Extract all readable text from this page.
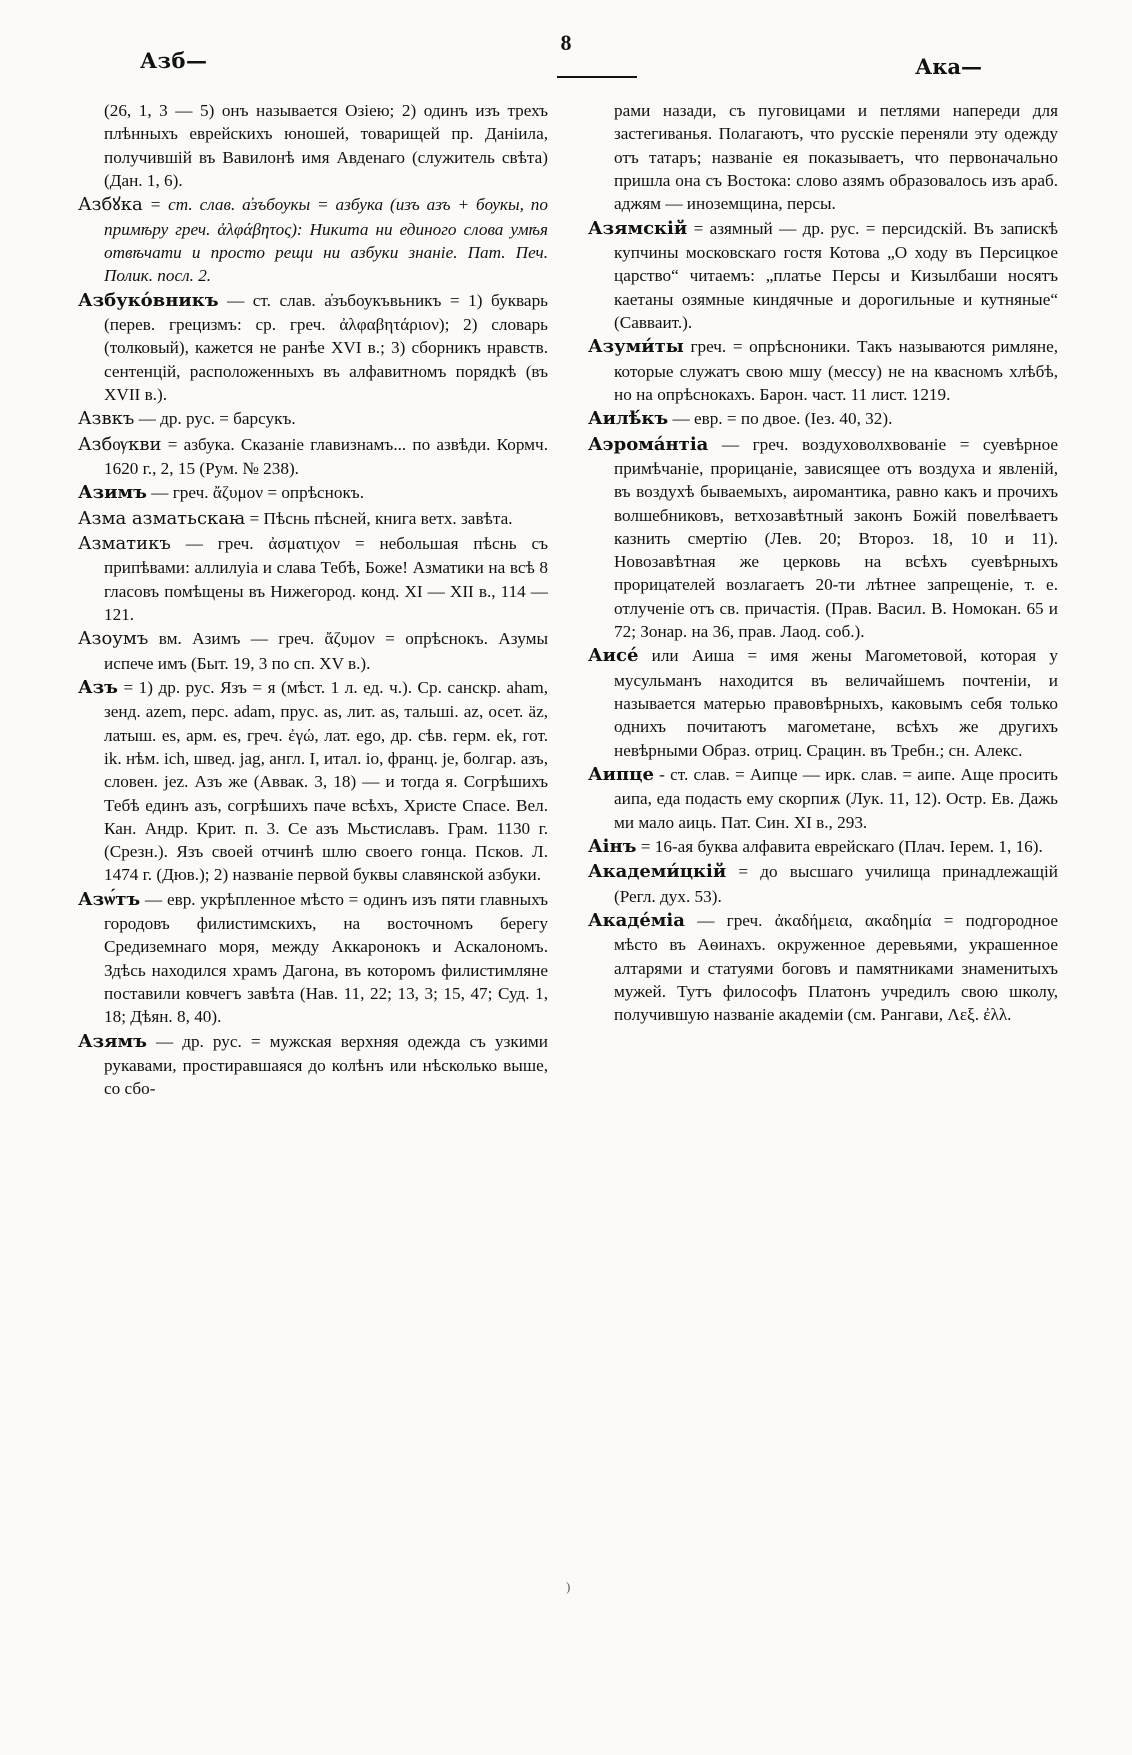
Азб—
8
Ака—

(26, 1, 3 — 5) онъ называется Озіею; 2) одинъ изъ трехъ плѣнныхъ еврейскихъ юношей, товарищей пр. Даніила, получившій въ Вавилонѣ имя Авденаго (служитель свѣта) (Дан. 1, 6).

Азбꙋка = ст. слав. а҆зъбоукы = азбука (изъ азъ + бѹкы, по примѣру греч. ἀλφάβητος): Никита ни единого слова умѣя отвѣчати и просто рещи ни азбуки знаніе. Пат. Печ. Полик. посл. 2.

Азбукόвникъ — ст. слав. а҆зъбоукъвьникъ = 1) букварь (перев. грецизмъ: ср. греч. ἀλφαβητάριον); 2) словарь (толковый), кажется не ранѣе XVI в.; 3) сборникъ нравств. сентенцій, расположенныхъ въ алфавитномъ порядкѣ (въ XVII в.).

Азвкъ — др. рус. = барсукъ.

Азбѹкви = азбука. Сказаніе главизнамъ... по азвѣди. Кормч. 1620 г., 2, 15 (Рум. № 238).

Азимъ — греч. ἄζυμον = опрѣснокъ.

Азма азматьскаꙗ = Пѣснь пѣсней, книга ветх. завѣта.

Азматикъ — греч. ἀσματιχον = небольшая пѣснь съ припѣвами: аллилуіа и слава Тебѣ, Боже! Азматики на всѣ 8 гласовъ помѣщены въ Нижегород. конд. XI — XII в., 114 — 121.

Азоумъ вм. Азимъ — греч. ἄζυμον = опрѣснокъ. Азумы испече имъ (Быт. 19, 3 по сп. XV в.).

Азъ = 1) др. рус. Язъ = я (мѣст. 1 л. ед. ч.). Ср. санскр. aham, зенд. azem, перс. adam, прус. as, лит. as, тальші. az, осет. äz, латыш. es, арм. es, греч. ἐγώ, лат. ego, др. сѣв. герм. ek, гот. ik. нѣм. ich, швед. jag, англ. I, итал. io, франц. je, болгар. азъ, словен. jez. Азъ же (Аввак. 3, 18) — и тогда я. Согрѣшихъ Тебѣ единъ азъ, согрѣшихъ паче всѣхъ, Христе Спасе. Вел. Кан. Андр. Крит. п. 3. Се азъ Мьстиславъ. Грам. 1130 г. (Срезн.). Язъ своей отчинѣ шлю своего гонца. Псков. Л. 1474 г. (Дюв.); 2) названіе первой буквы славянской азбуки.

Азѡ́тъ — евр. укрѣпленное мѣсто = одинъ изъ пяти главныхъ городовъ филистимскихъ, на восточномъ берегу Средиземнаго моря, между Аккаронокъ и Аскалономъ. Здѣсь находился храмъ Дагона, въ которомъ филистимляне поставили ковчегъ завѣта (Нав. 11, 22; 13, 3; 15, 47; Суд. 1, 18; Дѣян. 8, 40).

Азямъ — др. рус. = мужская верхняя одежда съ узкими рукавами, простиравшаяся до колѣнъ или нѣсколько выше, со сбо-

рами назади, съ пуговицами и петлями напереди для застегиванья. Полагаютъ, что русскіе переняли эту одежду отъ татаръ; названіе ея показываетъ, что первоначально пришла она съ Востока: слово азямъ образовалось изъ араб. аджям — иноземщина, персы.

Азямскій = азямный — др. рус. = персидскій. Въ запискѣ купчины московскаго гостя Котова „О ходу въ Персицкое царство“ читаемъ: „платье Персы и Кизылбаши носятъ каетаны озямные киндячные и дорогильные и кутняные“ (Савваит.).

Азуми́ты греч. = опрѣсноники. Такъ называются римляне, которые служатъ свою мшу (мессу) не на квасномъ хлѣбѣ, но на опрѣснокахъ. Барон. част. 11 лист. 1219.

Аилѣ́къ — евр. = по двое. (Іез. 40, 32).

Аэромáнтіа — греч. воздуховолхвованіе = суевѣрное примѣчаніе, прорицаніе, зависящее отъ воздуха и явленій, въ воздухѣ бываемыхъ, аиромантика, равно какъ и прочихъ волшебниковъ, ветхозавѣтный законъ Божій повелѣваетъ казнить смертію (Лев. 20; Второз. 18, 10 и 11). Новозавѣтная же церковь на всѣхъ суевѣрныхъ прорицателей возлагаетъ 20-ти лѣтнее запрещеніе, т. е. отлученіе отъ св. причастія. (Прав. Васил. В. Номокан. 65 и 72; Зонар. на 36, прав. Лаод. соб.).

Аисе́ или Аиша = имя жены Магометовой, которая у мусульманъ находится въ величайшемъ почтеніи, и называется матерью правовѣрныхъ, каковымъ себя только однихъ почитаютъ магометане, всѣхъ же другихъ невѣрными Образ. отриц. Срацин. въ Требн.; сн. Алекс.

Аипце - ст. слав. = Аипце — ирк. слав. = аипе. Аще просить аипа, еда подасть ему скорпиѫ (Лук. 11, 12). Остр. Ев. Дажь ми мало аиць. Пат. Син. XI в., 293.

Аінъ = 16-ая буква алфавита еврейскаго (Плач. Іерем. 1, 16).

Академи́цкій = до высшаго училища принадлежащій (Регл. дух. 53).

Акаде́міа — греч. ἀκαδήμεια, ακαδημία = подгородное мѣсто въ Аѳинахъ. окруженное деревьями, украшенное алтарями и статуями боговъ и памятниками знаменитыхъ мужей. Тутъ философъ Платонъ учредилъ свою школу, получившую названіе академіи (см. Рангави, Λεξ. ἐλλ.

)
